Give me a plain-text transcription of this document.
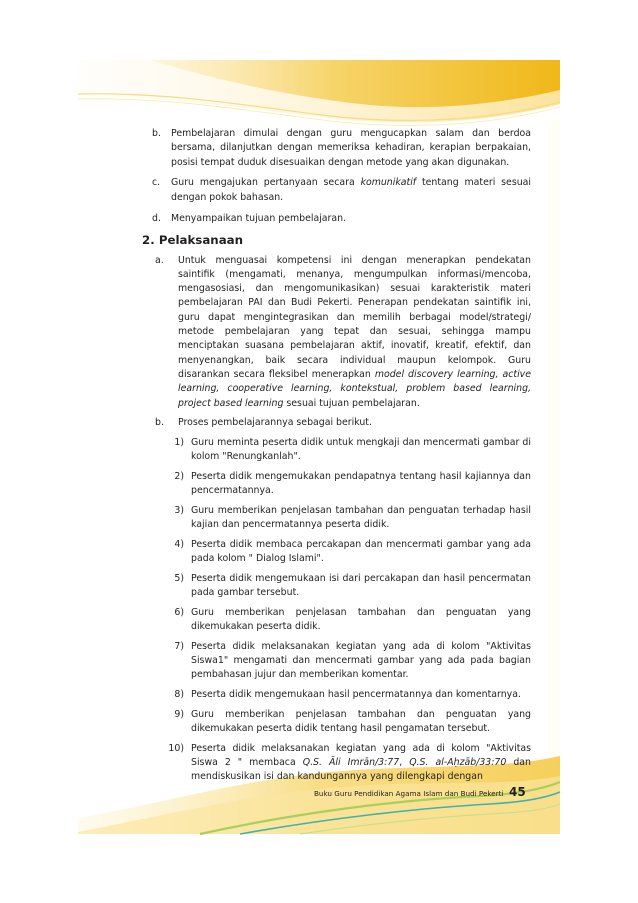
b. Pembelajaran dimulai dengan guru mengucapkan salam dan berdoa bersama, dilanjutkan dengan memeriksa kehadiran, kerapian berpakaian, posisi tempat duduk disesuaikan dengan metode yang akan digunakan.
c. Guru mengajukan pertanyaan secara komunikatif tentang materi sesuai dengan pokok bahasan.
d. Menyampaikan tujuan pembelajaran.
2. Pelaksanaan
a. Untuk menguasai kompetensi ini dengan menerapkan pendekatan saintifik (mengamati, menanya, mengumpulkan informasi/mencoba, mengasosiasi, dan mengomunikasikan) sesuai karakteristik materi pembelajaran PAI dan Budi Pekerti. Penerapan pendekatan saintifik ini, guru dapat mengintegrasikan dan memilih berbagai model/strategi/ metode pembelajaran yang tepat dan sesuai, sehingga mampu menciptakan suasana pembelajaran aktif, inovatif, kreatif, efektif, dan menyenangkan, baik secara individual maupun kelompok. Guru disarankan secara fleksibel menerapkan model discovery learning, active learning, cooperative learning, kontekstual, problem based learning, project based learning sesuai tujuan pembelajaran.
b. Proses pembelajarannya sebagai berikut.
1) Guru meminta peserta didik untuk mengkaji dan mencermati gambar di kolom "Renungkanlah".
2) Peserta didik mengemukakan pendapatnya tentang hasil kajiannya dan pencermatannya.
3) Guru memberikan penjelasan tambahan dan penguatan terhadap hasil kajian dan pencermatannya peserta didik.
4) Peserta didik membaca percakapan dan mencermati gambar yang ada pada kolom " Dialog Islami".
5) Peserta didik mengemukaan isi dari percakapan dan hasil pencermatan pada gambar tersebut.
6) Guru memberikan penjelasan tambahan dan penguatan yang dikemukakan peserta didik.
7) Peserta didik melaksanakan kegiatan yang ada di kolom "Aktivitas Siswa1" mengamati dan mencermati gambar yang ada pada bagian pembahasan jujur dan memberikan komentar.
8) Peserta didik mengemukaan hasil pencermatannya dan komentarnya.
9) Guru memberikan penjelasan tambahan dan penguatan yang dikemukakan peserta didik tentang hasil pengamatan tersebut.
10) Peserta didik melaksanakan kegiatan yang ada di kolom "Aktivitas Siswa 2 " membaca Q.S. Āli Imrān/3:77, Q.S. al-Aḥzāb/33:70 dan mendiskusikan isi dan kandungannya yang dilengkapi dengan
Buku Guru Pendidikan Agama Islam dan Budi Pekerti 45
